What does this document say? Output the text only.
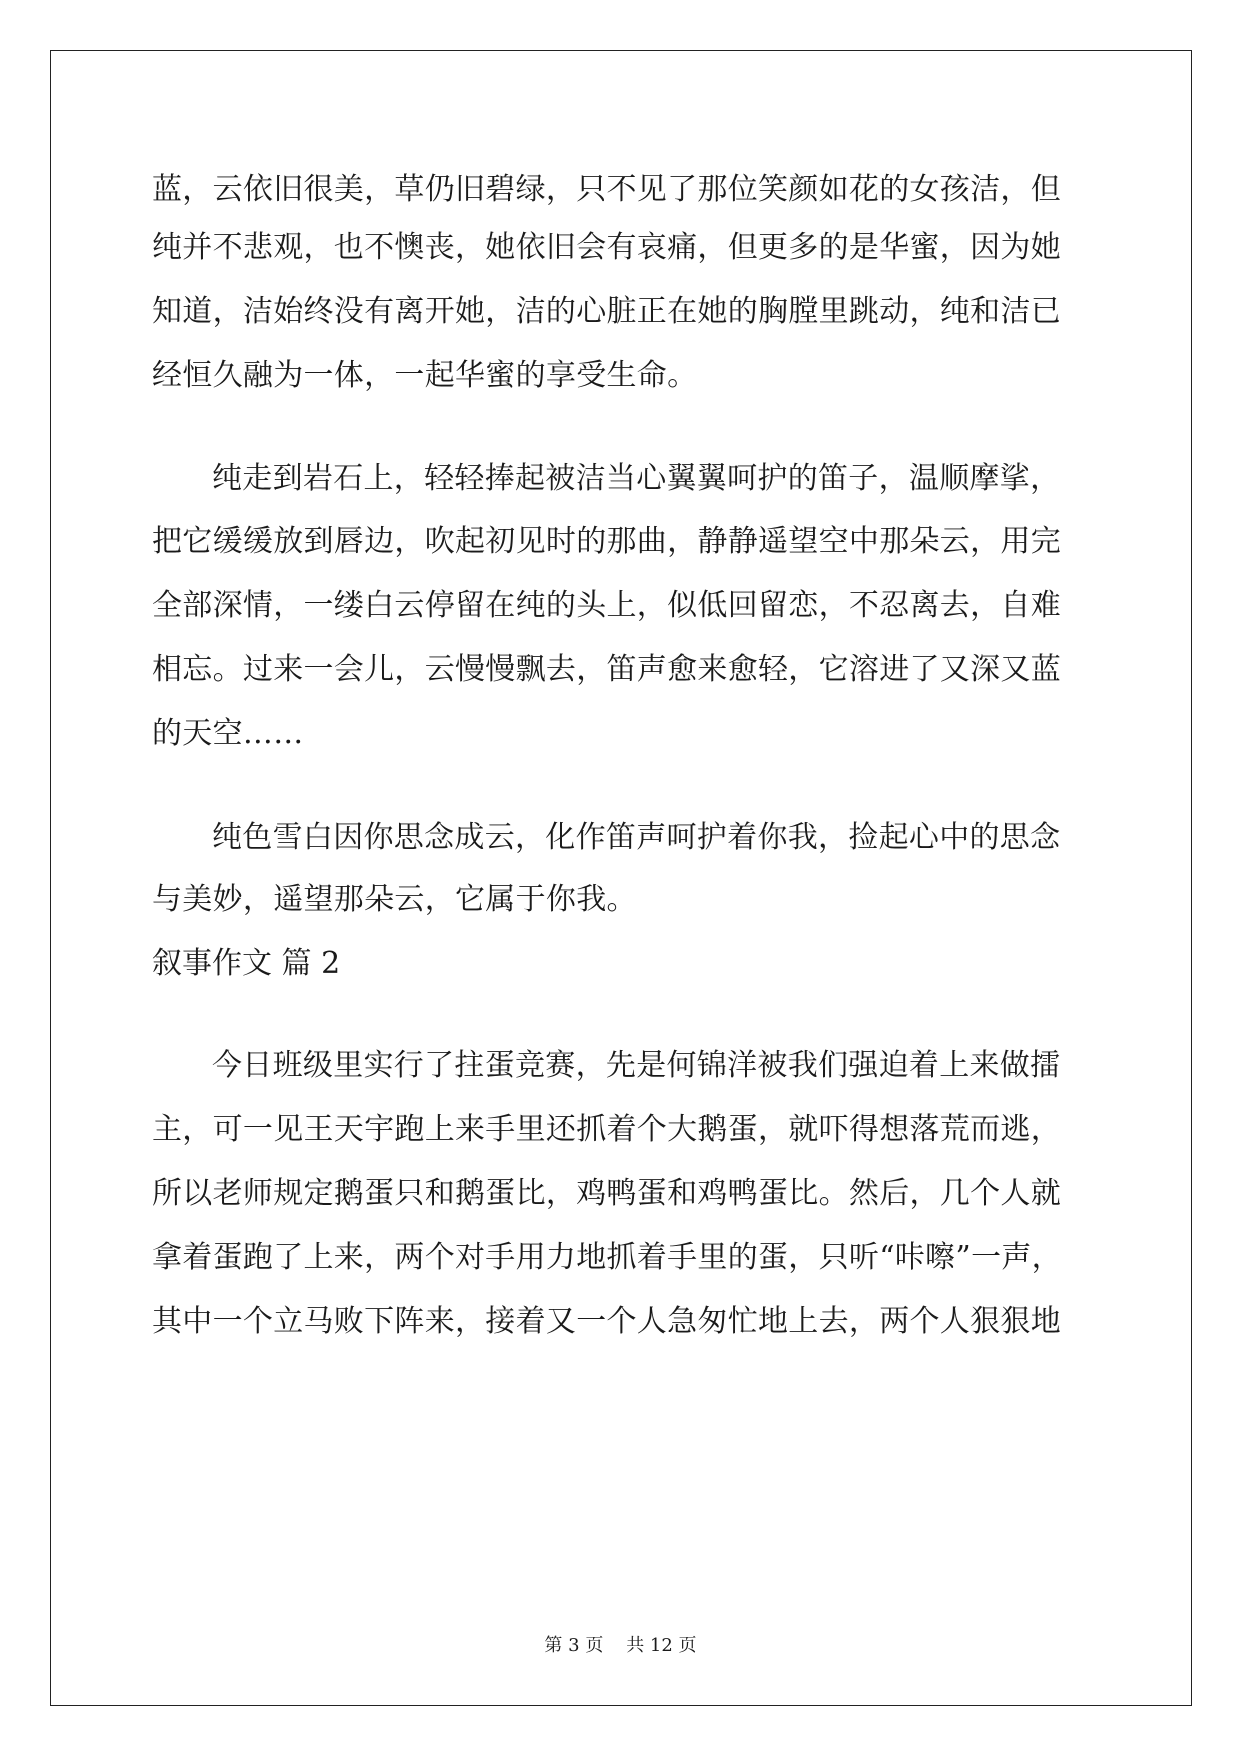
蓝，云依旧很美，草仍旧碧绿，只不见了那位笑颜如花的女孩洁，但
纯并不悲观，也不懊丧，她依旧会有哀痛，但更多的是华蜜，因为她
知道，洁始终没有离开她，洁的心脏正在她的胸膛里跳动，纯和洁已
经恒久融为一体，一起华蜜的享受生命。
纯走到岩石上，轻轻捧起被洁当心翼翼呵护的笛子，温顺摩挲，
把它缓缓放到唇边，吹起初见时的那曲，静静遥望空中那朵云，用完
全部深情，一缕白云停留在纯的头上，似低回留恋，不忍离去，自难
相忘。过来一会儿，云慢慢飘去，笛声愈来愈轻，它溶进了又深又蓝
的天空……
纯色雪白因你思念成云，化作笛声呵护着你我，捡起心中的思念
与美妙，遥望那朵云，它属于你我。
叙事作文 篇 2
今日班级里实行了拄蛋竞赛，先是何锦洋被我们强迫着上来做擂
主，可一见王天宇跑上来手里还抓着个大鹅蛋，就吓得想落荒而逃，
所以老师规定鹅蛋只和鹅蛋比，鸡鸭蛋和鸡鸭蛋比。然后，几个人就
拿着蛋跑了上来，两个对手用力地抓着手里的蛋，只听“咔嚓”一声，
其中一个立马败下阵来，接着又一个人急匆忙地上去，两个人狠狠地
第 3 页    共 12 页
